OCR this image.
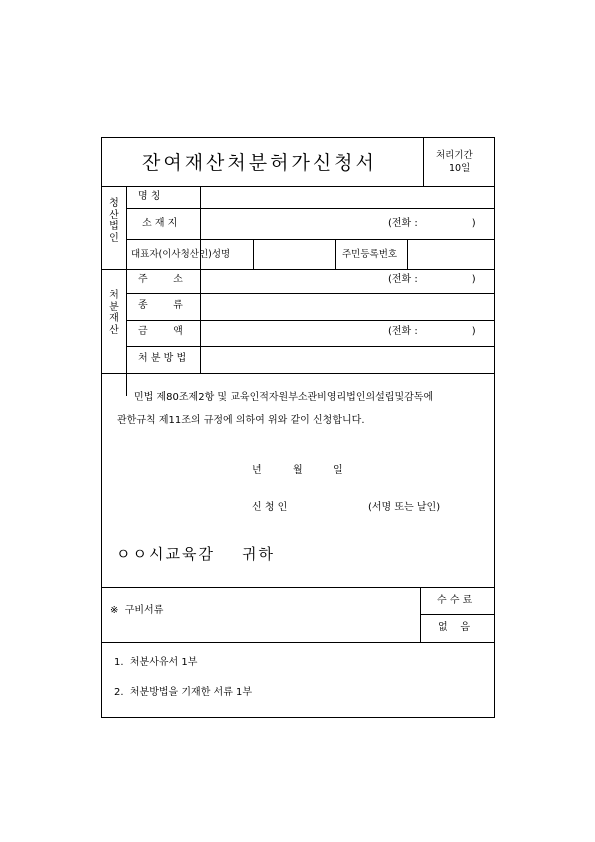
잔여재산처분허가신청서	처리기간
10일
청
산
법
인
명 칭
소 재 지	(전화 :                 )
대표자(이사청산인)성명	주민등록번호
처
분
재
산
주        소	(전화 :                 )
종        류
금        액	(전화 :                 )
처 분 방 법
민법 제80조제2항 및 교육인적자원부소관비영리법인의설립및감독에
관한규칙 제11조의 규정에 의하여 위와 같이 신청합니다.
년	월	일
신 청 인	(서명 또는 날인)
ㅇㅇ시교육감    귀하
※  구비서류
수 수 료
없    음
1.  처분사유서 1부
2.  처분방법을 기재한 서류 1부
